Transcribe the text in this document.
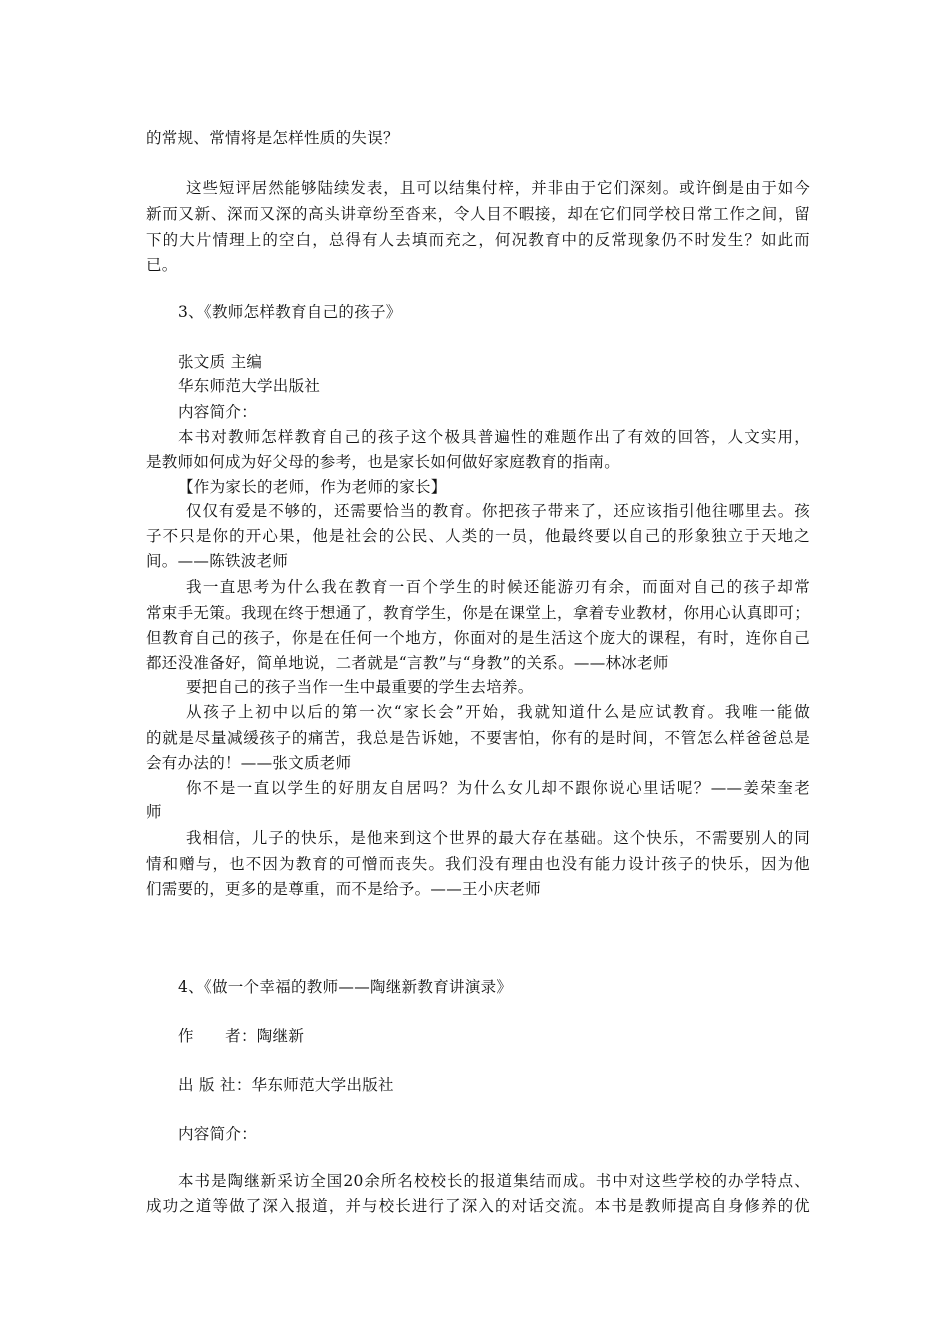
的常规、常情将是怎样性质的失误？
这些短评居然能够陆续发表，且可以结集付梓，并非由于它们深刻。或许倒是由于如今
新而又新、深而又深的高头讲章纷至沓来，令人目不暇接，却在它们同学校日常工作之间，留
下的大片情理上的空白，总得有人去填而充之，何况教育中的反常现象仍不时发生？如此而
已。
3、《教师怎样教育自己的孩子》
张文质 主编
华东师范大学出版社
内容简介：
本书对教师怎样教育自己的孩子这个极具普遍性的难题作出了有效的回答，人文实用，
是教师如何成为好父母的参考，也是家长如何做好家庭教育的指南。
【作为家长的老师，作为老师的家长】
仅仅有爱是不够的，还需要恰当的教育。你把孩子带来了，还应该指引他往哪里去。孩
子不只是你的开心果，他是社会的公民、人类的一员，他最终要以自己的形象独立于天地之
间。——陈铁波老师
我一直思考为什么我在教育一百个学生的时候还能游刃有余，而面对自己的孩子却常
常束手无策。我现在终于想通了，教育学生，你是在课堂上，拿着专业教材，你用心认真即可；
但教育自己的孩子，你是在任何一个地方，你面对的是生活这个庞大的课程，有时，连你自己
都还没准备好，简单地说，二者就是“言教”与“身教”的关系。——林冰老师
要把自己的孩子当作一生中最重要的学生去培养。
从孩子上初中以后的第一次“家长会”开始，我就知道什么是应试教育。我唯一能做
的就是尽量减缓孩子的痛苦，我总是告诉她，不要害怕，你有的是时间，不管怎么样爸爸总是
会有办法的！——张文质老师
你不是一直以学生的好朋友自居吗？为什么女儿却不跟你说心里话呢？——姜荣奎老
师
我相信，儿子的快乐，是他来到这个世界的最大存在基础。这个快乐，不需要别人的同
情和赠与，也不因为教育的可憎而丧失。我们没有理由也没有能力设计孩子的快乐，因为他
们需要的，更多的是尊重，而不是给予。——王小庆老师
4、《做一个幸福的教师——陶继新教育讲演录》
作      者：陶继新
出 版 社：华东师范大学出版社
内容简介：
本书是陶继新采访全国20余所名校校长的报道集结而成。书中对这些学校的办学特点、
成功之道等做了深入报道，并与校长进行了深入的对话交流。本书是教师提高自身修养的优
